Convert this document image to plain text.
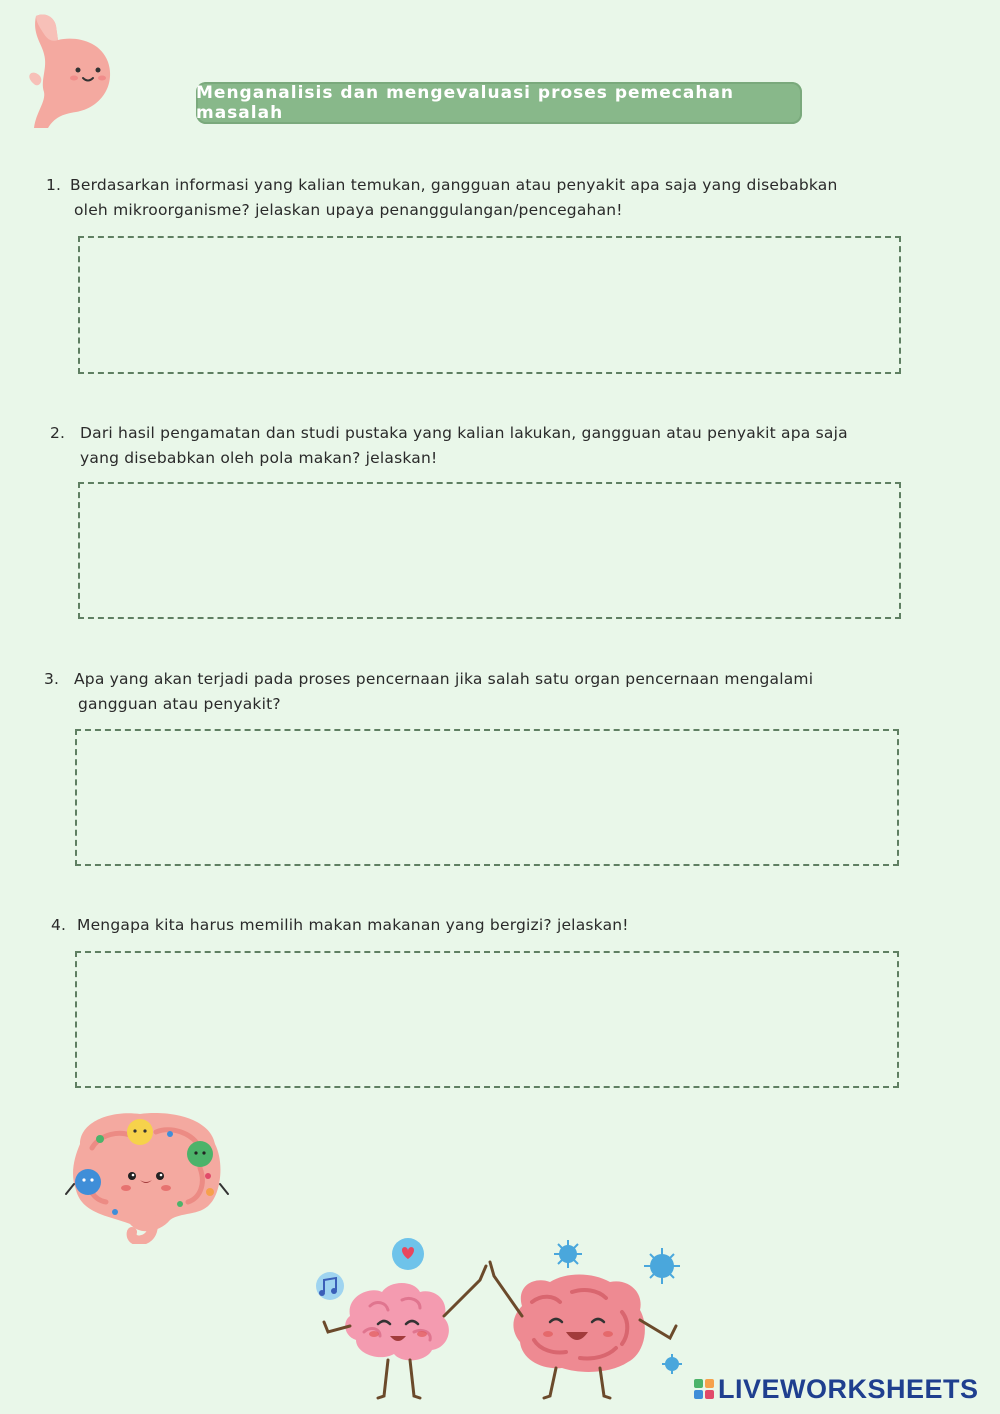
Menganalisis dan mengevaluasi proses pemecahan masalah
1. Berdasarkan informasi yang kalian temukan, gangguan atau penyakit apa saja yang disebabkan
oleh mikroorganisme? jelaskan upaya penanggulangan/pencegahan!
2. Dari hasil pengamatan dan studi pustaka yang kalian lakukan, gangguan atau penyakit apa saja
yang disebabkan oleh pola makan? jelaskan!
3. Apa yang akan terjadi pada proses pencernaan jika salah satu organ pencernaan mengalami
gangguan atau penyakit?
4. Mengapa kita harus memilih makan makanan yang bergizi? jelaskan!
LIVEWORKSHEETS
